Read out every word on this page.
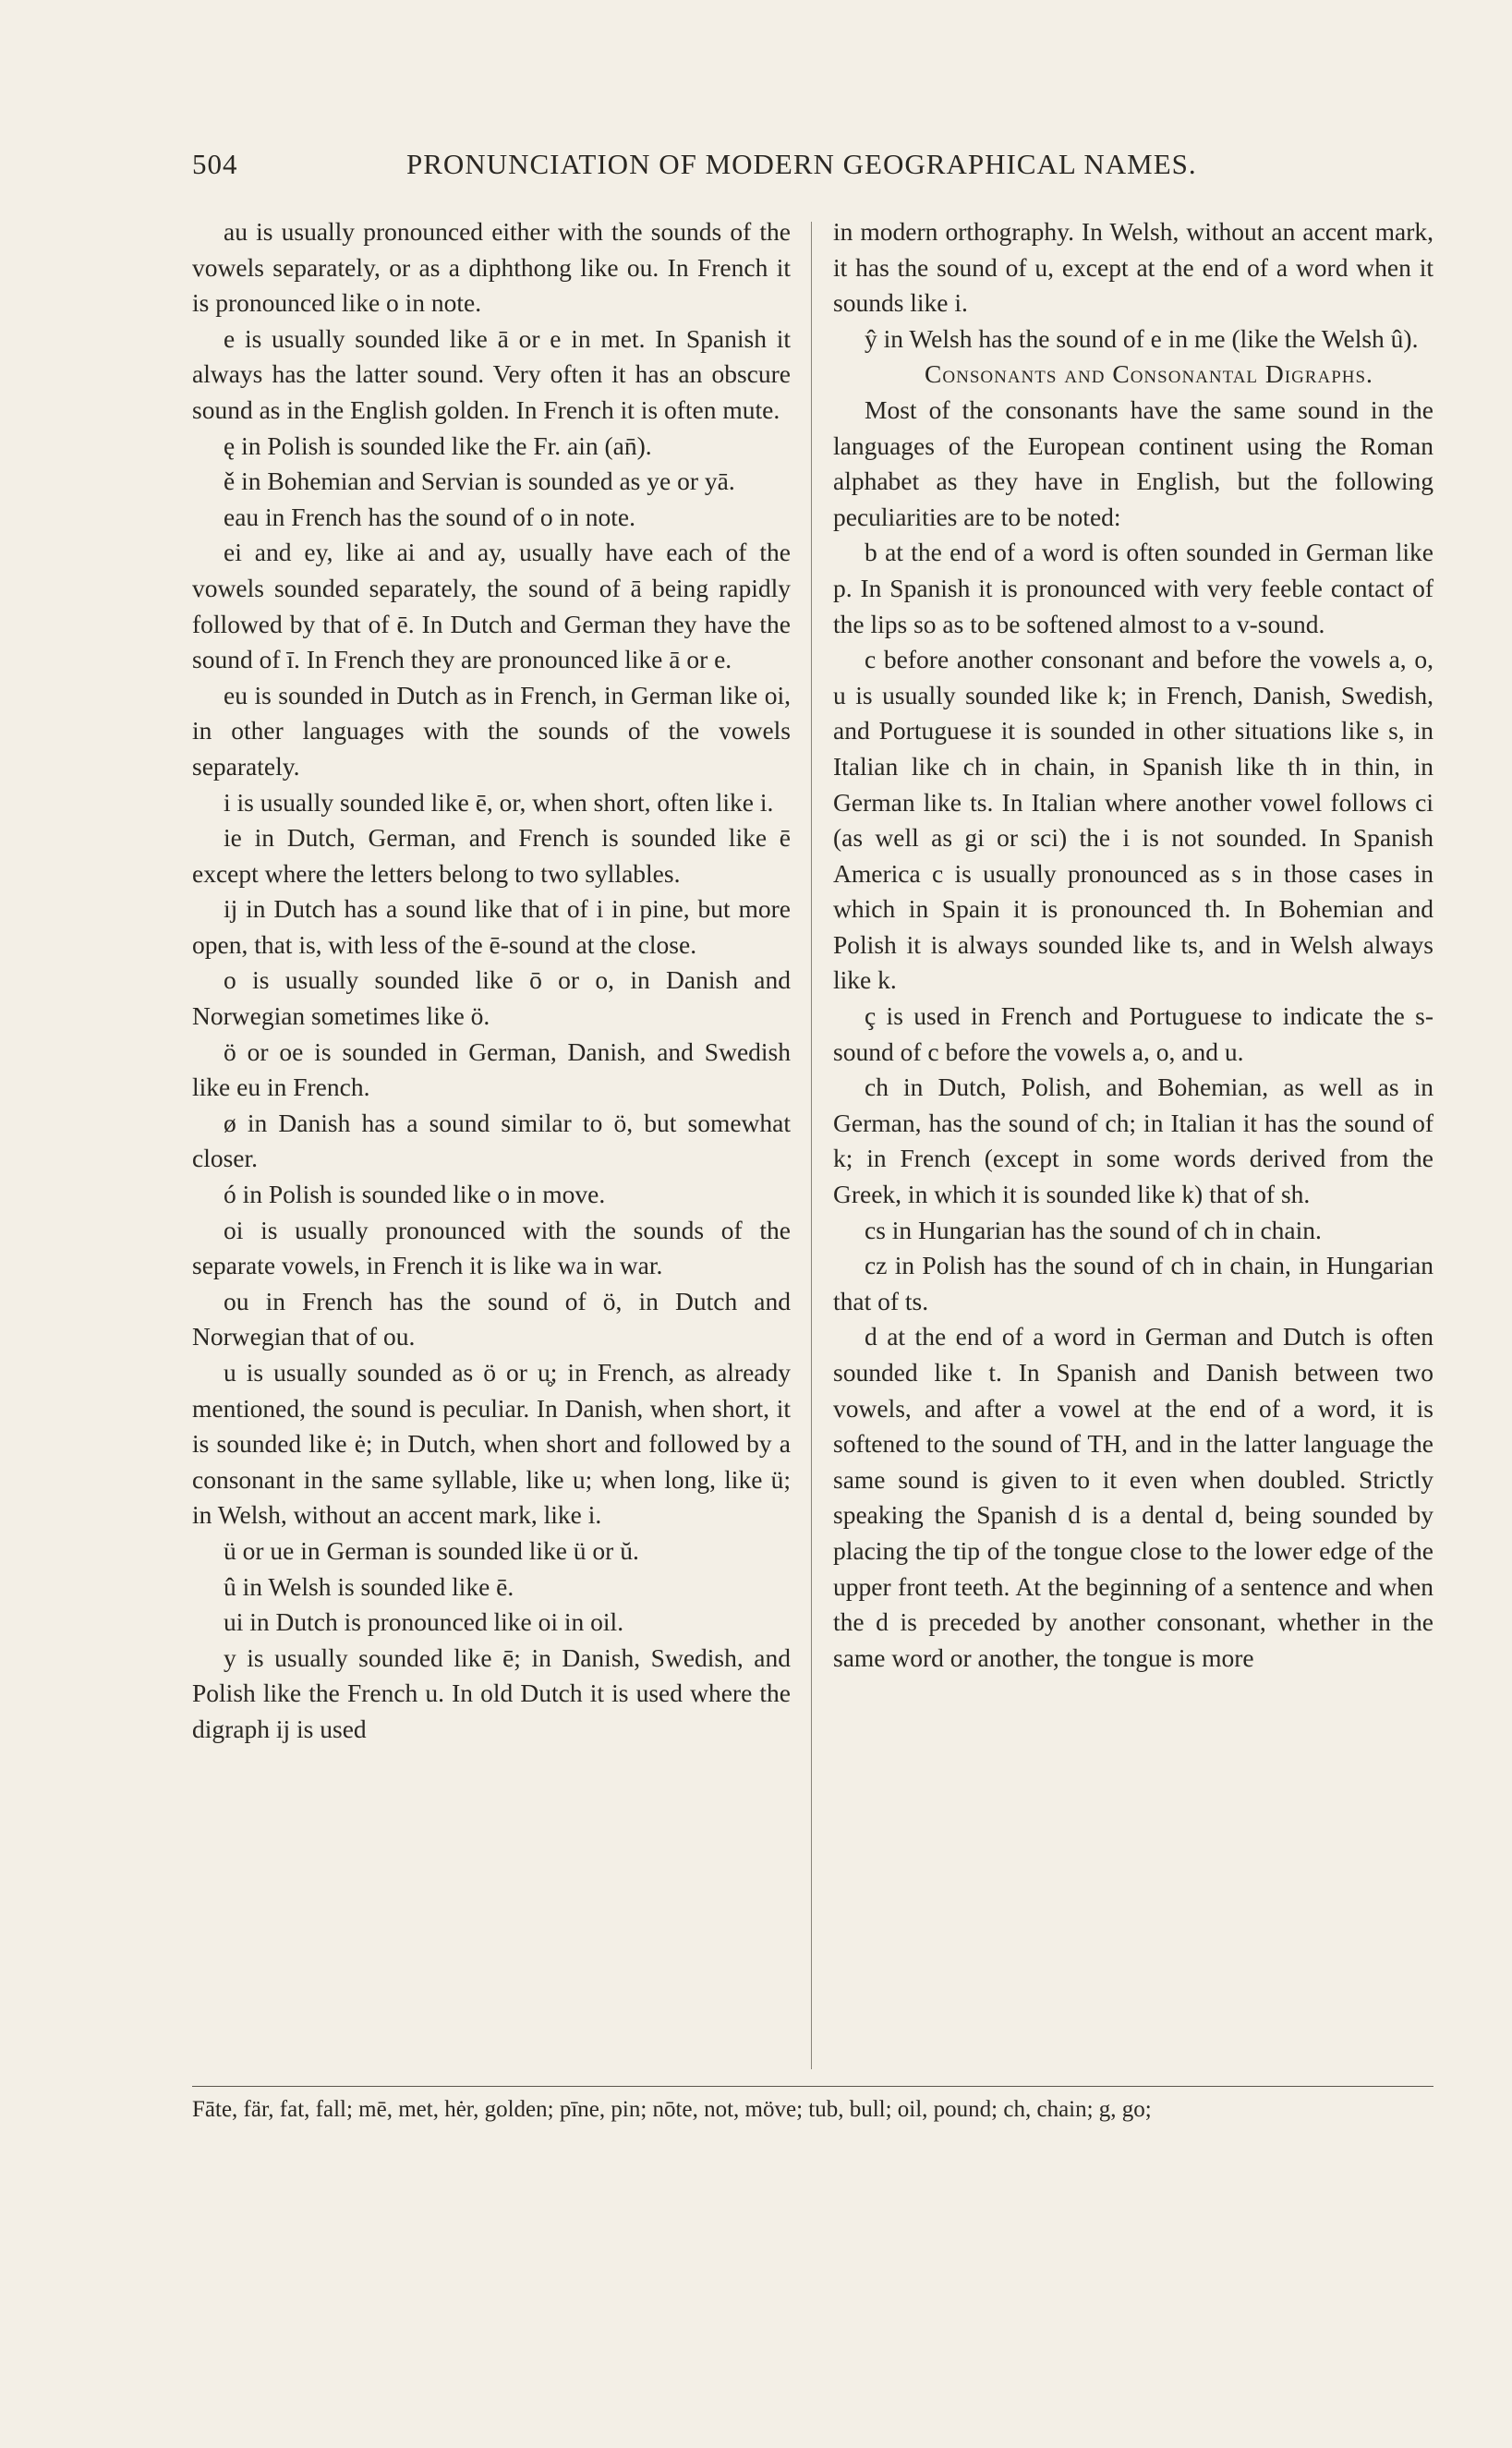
504	PRONUNCIATION OF MODERN GEOGRAPHICAL NAMES.

au is usually pronounced either with the sounds of the vowels separately, or as a diphthong like ou. In French it is pronounced like o in note.

e is usually sounded like ā or e in met. In Spanish it always has the latter sound. Very often it has an obscure sound as in the English golden. In French it is often mute.

ę in Polish is sounded like the Fr. ain (an̄).

ě in Bohemian and Servian is sounded as ye or yā.

eau in French has the sound of o in note.

ei and ey, like ai and ay, usually have each of the vowels sounded separately, the sound of ā being rapidly followed by that of ē. In Dutch and German they have the sound of ī. In French they are pronounced like ā or e.

eu is sounded in Dutch as in French, in German like oi, in other languages with the sounds of the vowels separately.

i is usually sounded like ē, or, when short, often like i.

ie in Dutch, German, and French is sounded like ē except where the letters belong to two syllables.

ij in Dutch has a sound like that of i in pine, but more open, that is, with less of the ē-sound at the close.

o is usually sounded like ō or o, in Danish and Norwegian sometimes like ö.

ö or oe is sounded in German, Danish, and Swedish like eu in French.

ø in Danish has a sound similar to ö, but somewhat closer.

ó in Polish is sounded like o in move.

oi is usually pronounced with the sounds of the separate vowels, in French it is like wa in war.

ou in French has the sound of ö, in Dutch and Norwegian that of ou.

u is usually sounded as ö or u̥; in French, as already mentioned, the sound is peculiar. In Danish, when short, it is sounded like ė; in Dutch, when short and followed by a consonant in the same syllable, like u; when long, like ü; in Welsh, without an accent mark, like i.

ü or ue in German is sounded like ü or ŭ.

û in Welsh is sounded like ē.

ui in Dutch is pronounced like oi in oil.

y is usually sounded like ē; in Danish, Swedish, and Polish like the French u. In old Dutch it is used where the digraph ij is used

in modern orthography. In Welsh, without an accent mark, it has the sound of u, except at the end of a word when it sounds like i.

ŷ in Welsh has the sound of e in me (like the Welsh û).

Consonants and Consonantal Digraphs.

Most of the consonants have the same sound in the languages of the European continent using the Roman alphabet as they have in English, but the following peculiarities are to be noted:

b at the end of a word is often sounded in German like p. In Spanish it is pronounced with very feeble contact of the lips so as to be softened almost to a v-sound.

c before another consonant and before the vowels a, o, u is usually sounded like k; in French, Danish, Swedish, and Portuguese it is sounded in other situations like s, in Italian like ch in chain, in Spanish like th in thin, in German like ts. In Italian where another vowel follows ci (as well as gi or sci) the i is not sounded. In Spanish America c is usually pronounced as s in those cases in which in Spain it is pronounced th. In Bohemian and Polish it is always sounded like ts, and in Welsh always like k.

ç is used in French and Portuguese to indicate the s-sound of c before the vowels a, o, and u.

ch in Dutch, Polish, and Bohemian, as well as in German, has the sound of ch; in Italian it has the sound of k; in French (except in some words derived from the Greek, in which it is sounded like k) that of sh.

cs in Hungarian has the sound of ch in chain.

cz in Polish has the sound of ch in chain, in Hungarian that of ts.

d at the end of a word in German and Dutch is often sounded like t. In Spanish and Danish between two vowels, and after a vowel at the end of a word, it is softened to the sound of TH, and in the latter language the same sound is given to it even when doubled. Strictly speaking the Spanish d is a dental d, being sounded by placing the tip of the tongue close to the lower edge of the upper front teeth. At the beginning of a sentence and when the d is preceded by another consonant, whether in the same word or another, the tongue is more

Fāte, fär, fat, fall; mē, met, hėr, golden; pīne, pin; nōte, not, möve; tub, bull; oil, pound; ch, chain; g, go;
